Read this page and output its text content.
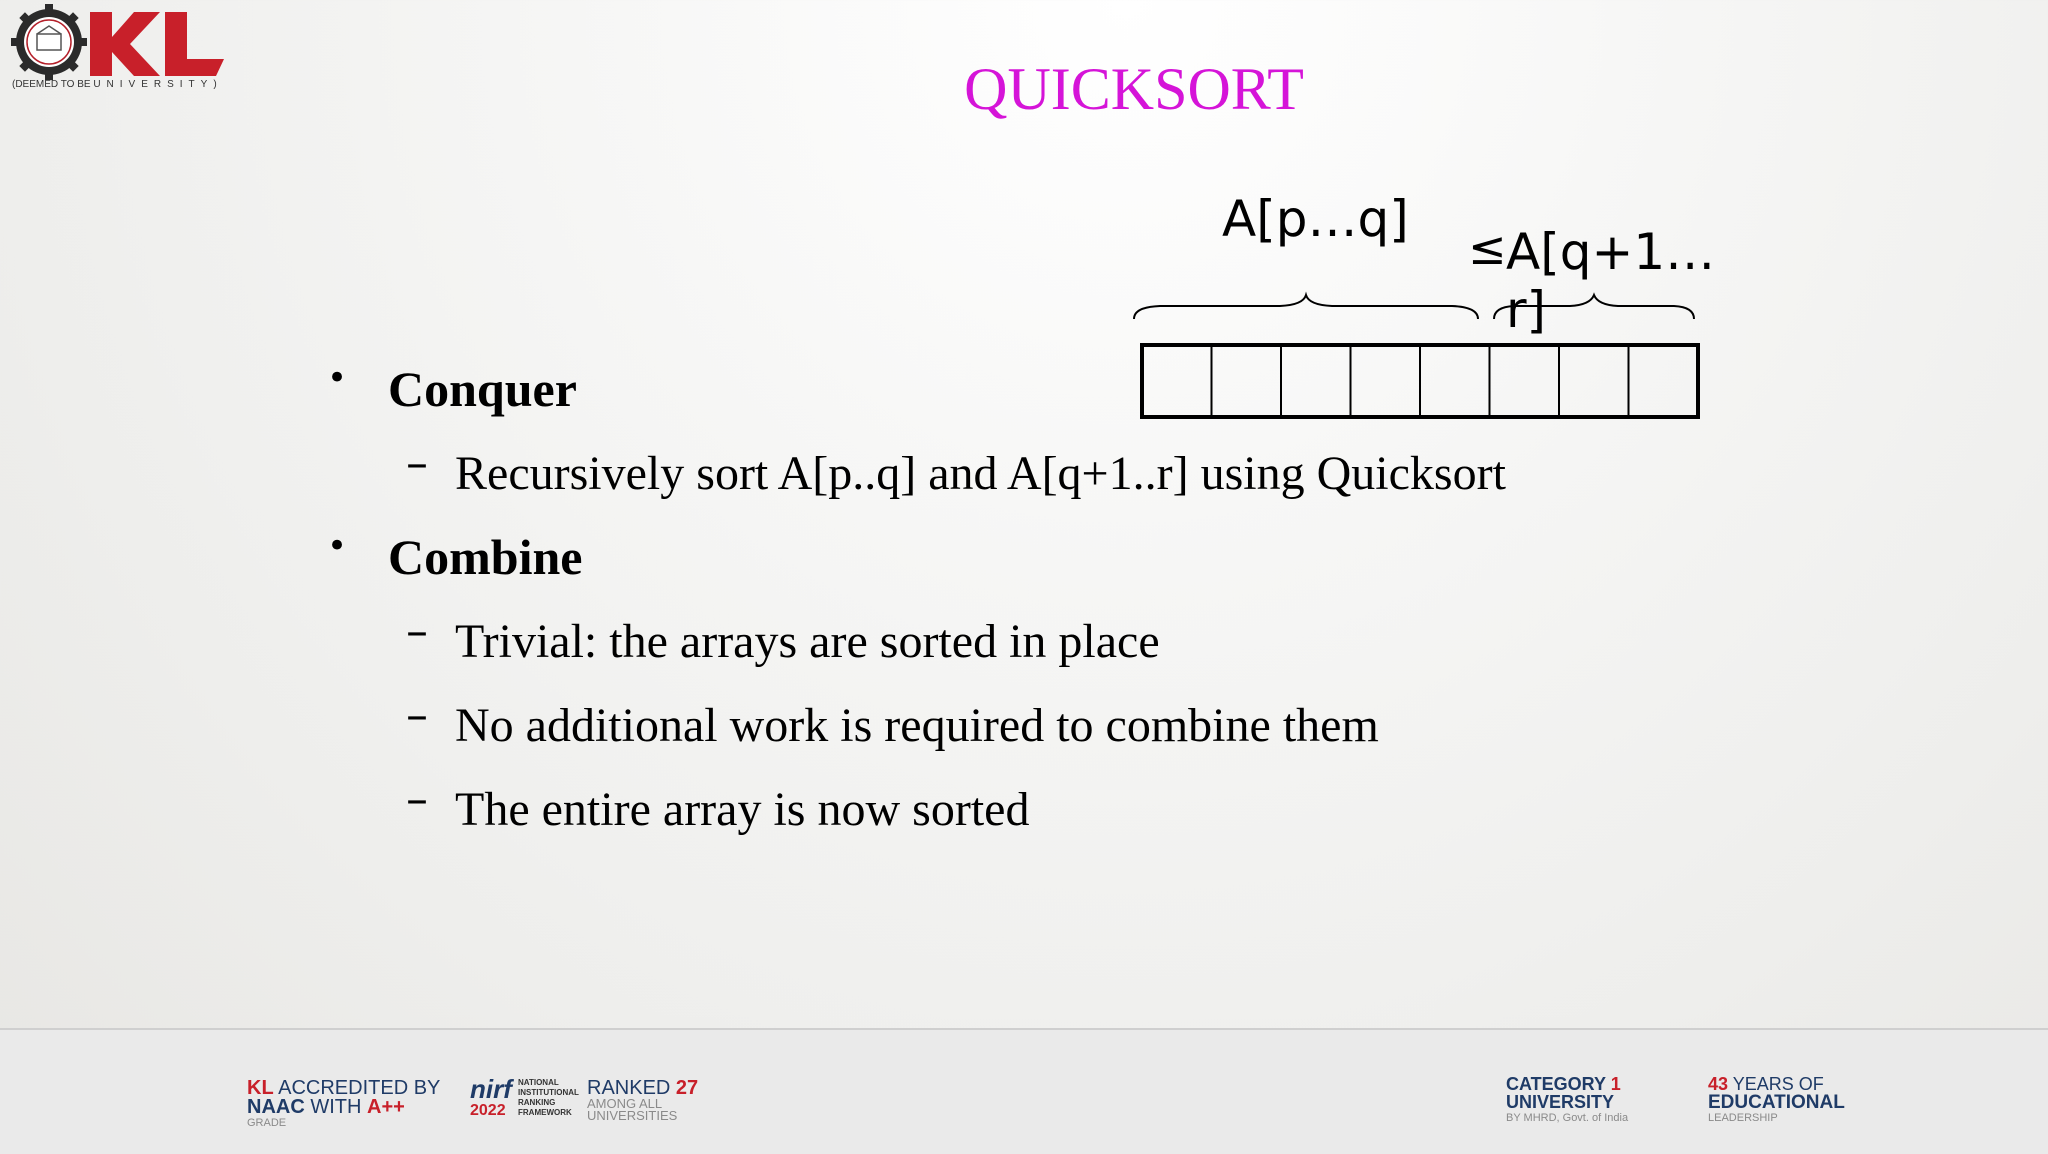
(DEEMED TO BE UNIVERSITY)	QUICKSORT
A[p…q] ≤ A[q+1…r]
• Conquer
– Recursively sort A[p..q] and A[q+1..r] using Quicksort
• Combine
– Trivial: the arrays are sorted in place
– No additional work is required to combine them
– The entire array is now sorted
KL ACCREDITED BY
NAAC WITH A++
GRADE
nirf
2022
NATIONAL
INSTITUTIONAL
RANKING
FRAMEWORK
RANKED 27
AMONG ALL
UNIVERSITIES
CATEGORY 1
UNIVERSITY
BY MHRD, Govt. of India
43 YEARS OF
EDUCATIONAL
LEADERSHIP
